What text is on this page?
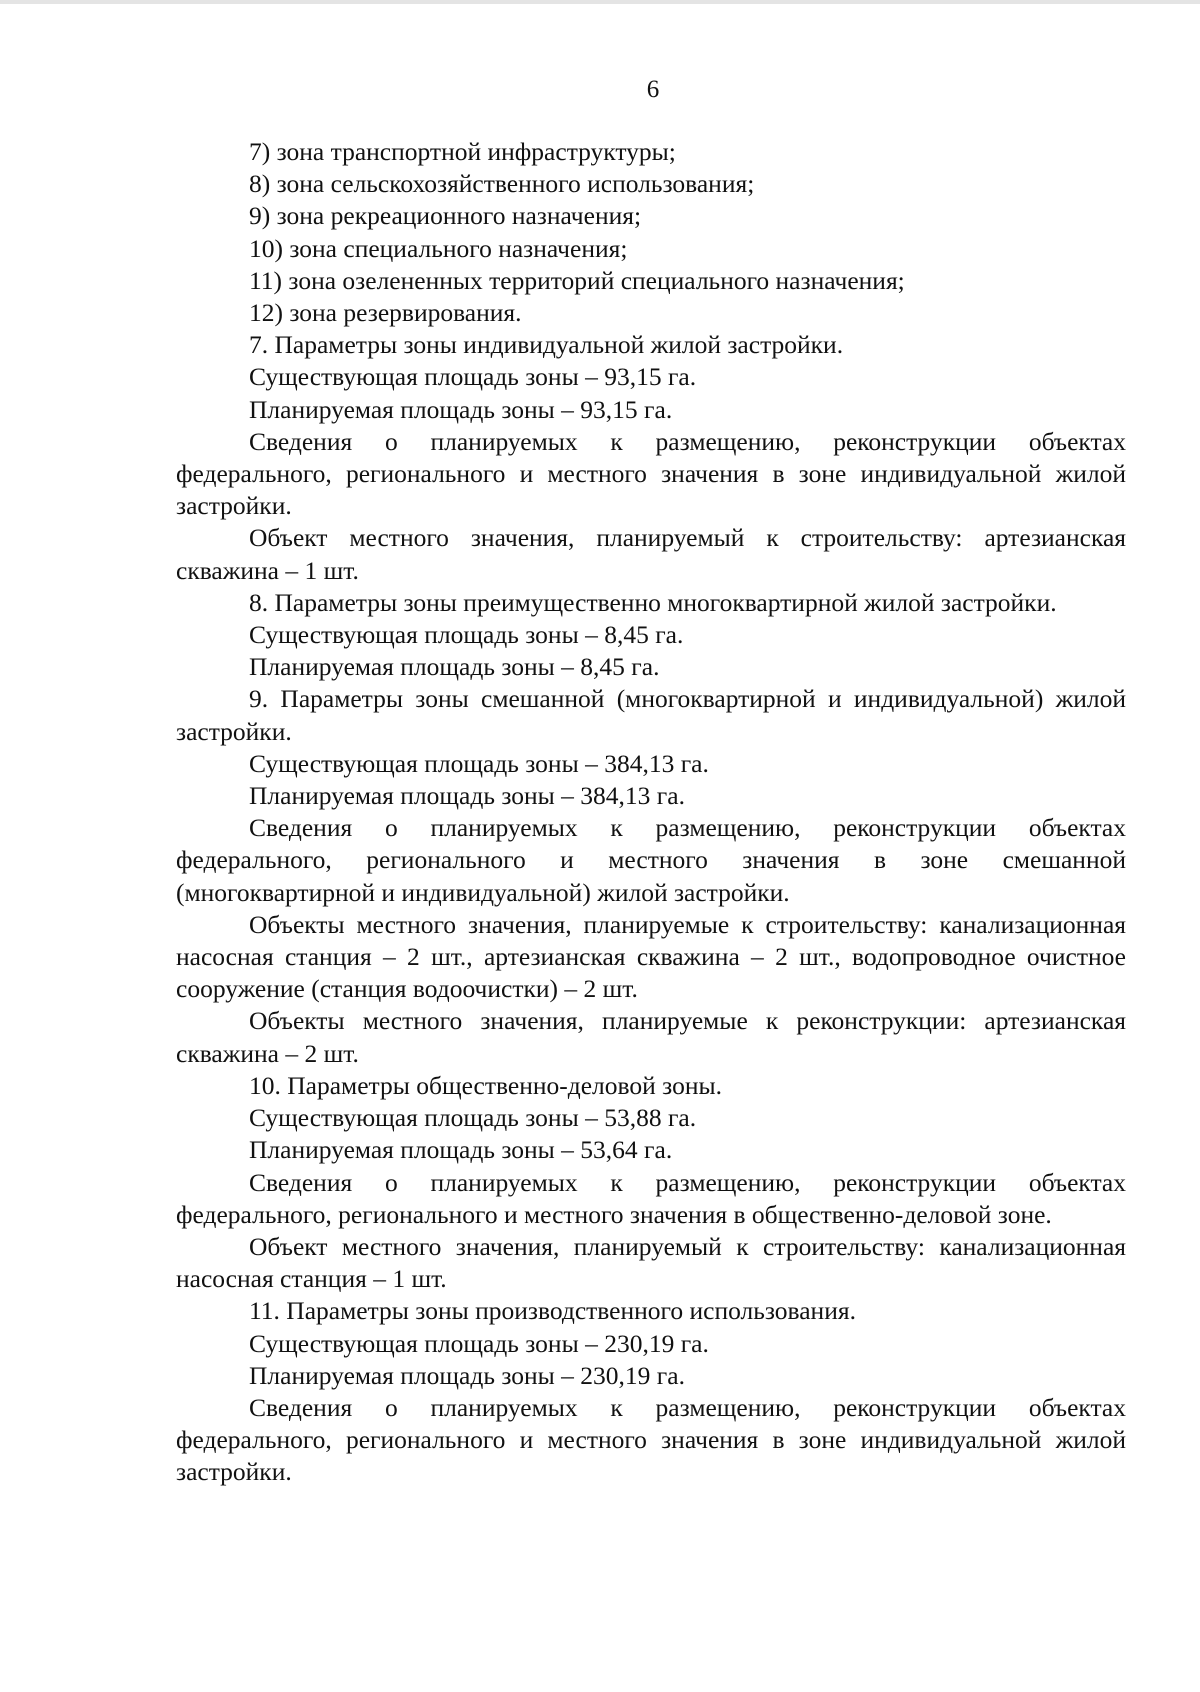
6

7) зона транспортной инфраструктуры;

8) зона сельскохозяйственного использования;

9) зона рекреационного назначения;

10) зона специального назначения;

11) зона озелененных территорий специального назначения;

12) зона резервирования.

7. Параметры зоны индивидуальной жилой застройки.

Существующая площадь зоны – 93,15 га.

Планируемая площадь зоны – 93,15 га.

Сведения о планируемых к размещению, реконструкции объектах федерального, регионального и местного значения в зоне индивидуальной жилой застройки.

Объект местного значения, планируемый к строительству: артезианская скважина – 1 шт.

8. Параметры зоны преимущественно многоквартирной жилой застройки.

Существующая площадь зоны – 8,45 га.

Планируемая площадь зоны – 8,45 га.

9. Параметры зоны смешанной (многоквартирной и индивидуальной) жилой застройки.

Существующая площадь зоны – 384,13 га.

Планируемая площадь зоны – 384,13 га.

Сведения о планируемых к размещению, реконструкции объектах федерального, регионального и местного значения в зоне смешанной (многоквартирной и индивидуальной) жилой застройки.

Объекты местного значения, планируемые к строительству: канализационная насосная станция – 2 шт., артезианская скважина – 2 шт., водопроводное очистное сооружение (станция водоочистки) – 2 шт.

Объекты местного значения, планируемые к реконструкции: артезианская скважина – 2 шт.

10. Параметры общественно-деловой зоны.

Существующая площадь зоны – 53,88 га.

Планируемая площадь зоны – 53,64 га.

Сведения о планируемых к размещению, реконструкции объектах федерального, регионального и местного значения в общественно-деловой зоне.

Объект местного значения, планируемый к строительству: канализационная насосная станция – 1 шт.

11. Параметры зоны производственного использования.

Существующая площадь зоны – 230,19 га.

Планируемая площадь зоны – 230,19 га.

Сведения о планируемых к размещению, реконструкции объектах федерального, регионального и местного значения в зоне индивидуальной жилой застройки.
